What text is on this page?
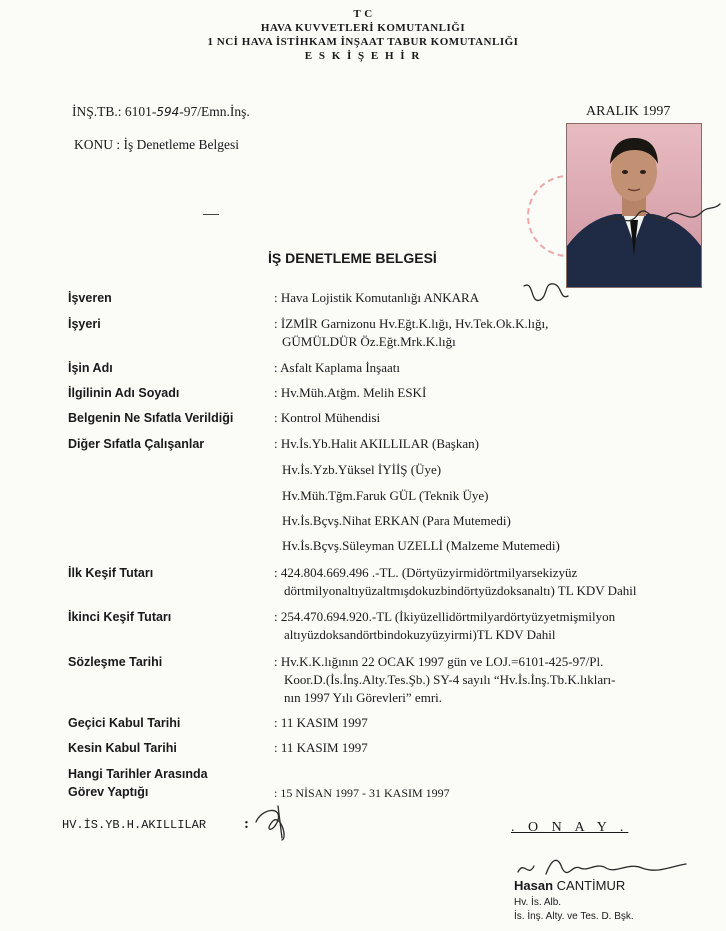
T C
HAVA KUVVETLERİ KOMUTANLIĞI
1 NCİ HAVA İSTİHKAM İNŞAAT TABUR KOMUTANLIĞI
E S K İ Ş E H İ R
İNŞ.TB.: 6101-594-97/Emn.İnş.	ARALIK 1997
KONU : İş Denetleme Belgesi
İŞ DENETLEME BELGESİ
İşveren	: Hava Lojistik Komutanlığı ANKARA
İşyeri	: İZMİR Garnizonu Hv.Eğt.K.lığı, Hv.Tek.Ok.K.lığı,
GÜMÜLDÜR Öz.Eğt.Mrk.K.lığı
İşin Adı	: Asfalt Kaplama İnşaatı
İlgilinin Adı Soyadı	: Hv.Müh.Atğm. Melih ESKİ
Belgenin Ne Sıfatla Verildiği	: Kontrol Mühendisi
Diğer Sıfatla Çalışanlar	: Hv.İs.Yb.Halit AKILLILAR (Başkan)
Hv.İs.Yzb.Yüksel İYİİŞ (Üye)
Hv.Müh.Tğm.Faruk GÜL (Teknik Üye)
Hv.İs.Bçvş.Nihat ERKAN (Para Mutemedi)
Hv.İs.Bçvş.Süleyman UZELLİ (Malzeme Mutemedi)
İlk Keşif Tutarı	: 424.804.669.496 .-TL. (Dörtyüzyirmidörtmilyarsekizyüz
dörtmilyonaltıyüzaltmışdokuzbindörtyüzdoksanaltı) TL KDV Dahil
İkinci Keşif Tutarı	: 254.470.694.920.-TL (İkiyüzellidörtmilyardörtyüzyetmişmilyon
altıyüzdoksandörtbindokuzyüzyirmi)TL KDV Dahil
Sözleşme Tarihi	: Hv.K.K.lığının 22 OCAK 1997 gün ve LOJ.=6101-425-97/Pl.
Koor.D.(İs.İnş.Alty.Tes.Şb.) SY-4 sayılı “Hv.İs.İnş.Tb.K.lıkları-
nın 1997 Yılı Görevleri” emri.
Geçici Kabul Tarihi	: 11 KASIM 1997
Kesin Kabul Tarihi	: 11 KASIM 1997
Hangi Tarihler Arasında
Görev Yaptığı	: 15 NİSAN 1997 - 31 KASIM 1997
HV.İS.YB.H.AKILLILAR	:	. O N A Y .
Hasan CANTİMUR
Hv. İs. Alb.
İs. İnş. Alty. ve Tes. D. Bşk.
